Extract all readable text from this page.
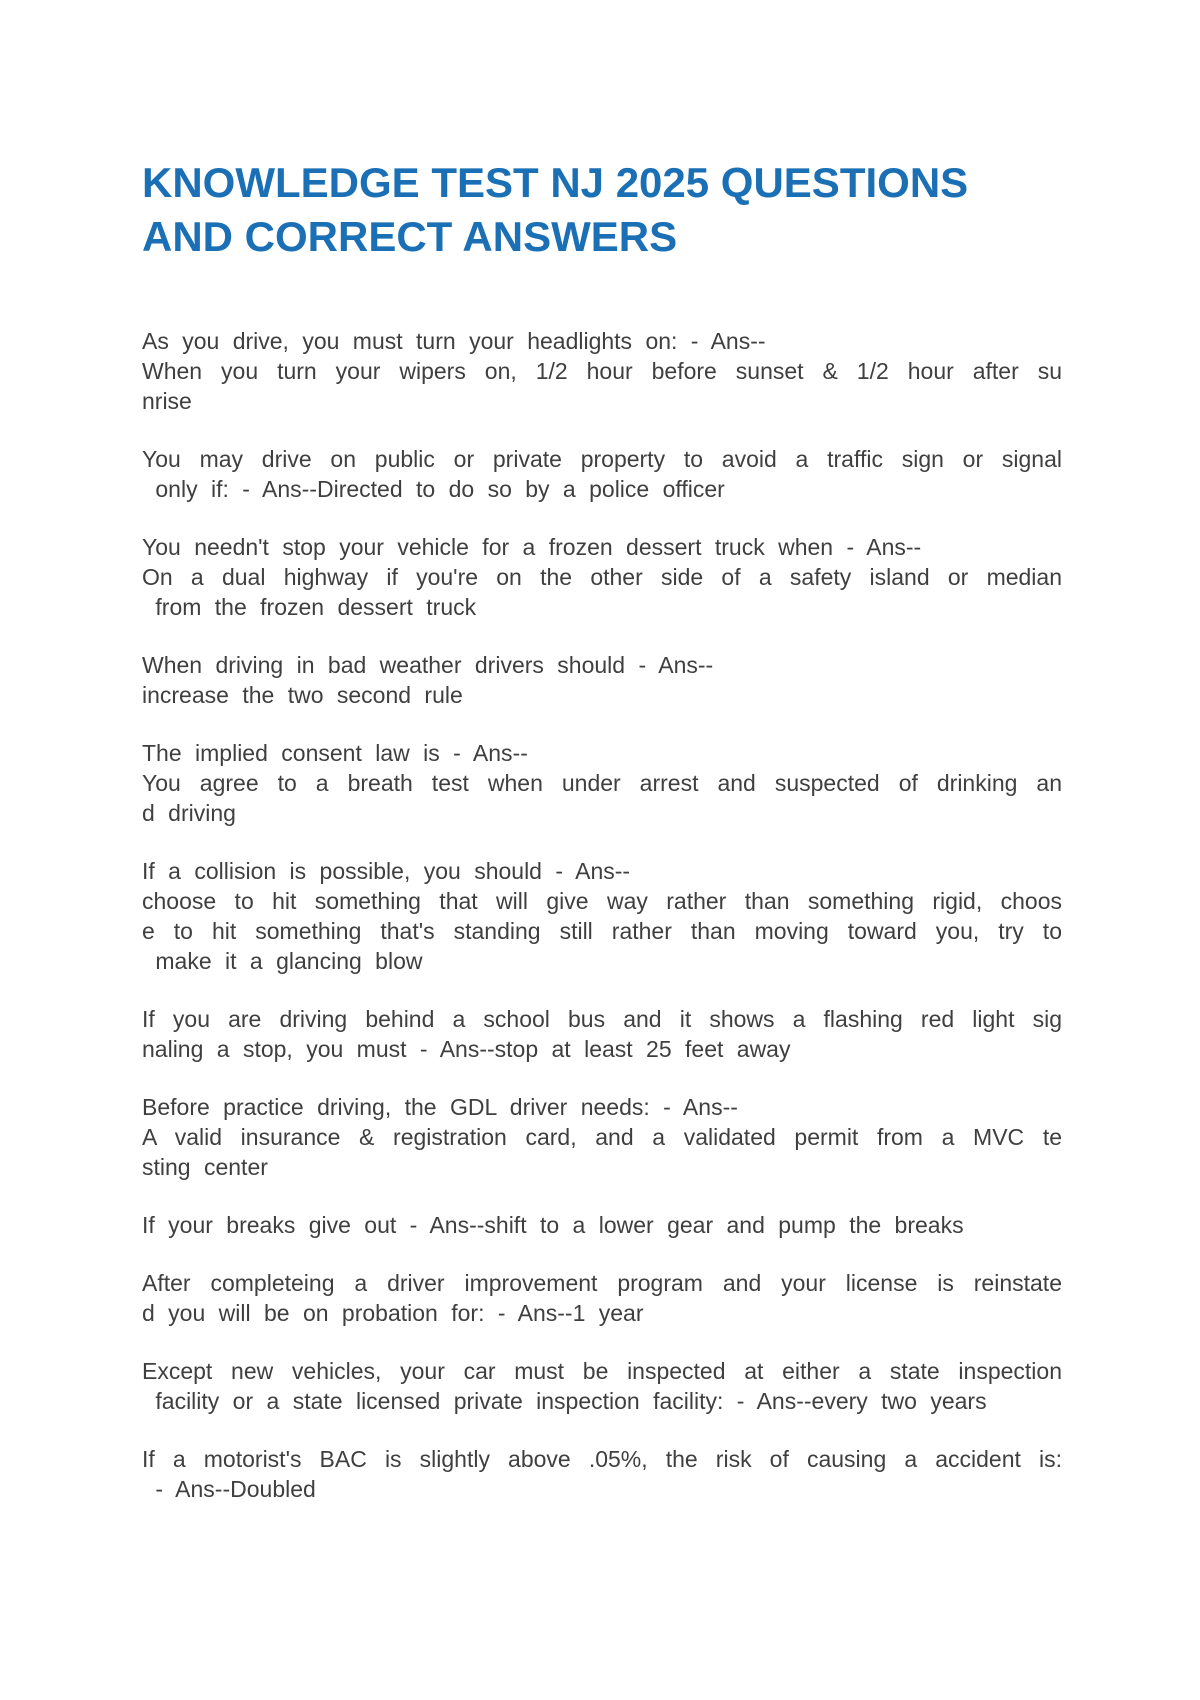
KNOWLEDGE TEST NJ 2025 QUESTIONS
AND CORRECT ANSWERS
As you drive, you must turn your headlights on: - Ans--
When you turn your wipers on, 1/2 hour before sunset & 1/2 hour after su
nrise
You may drive on public or private property to avoid a traffic sign or signal
only if: - Ans--Directed to do so by a police officer
You needn't stop your vehicle for a frozen dessert truck when - Ans--
On a dual highway if you're on the other side of a safety island or median
from the frozen dessert truck
When driving in bad weather drivers should - Ans--
increase the two second rule
The implied consent law is - Ans--
You agree to a breath test when under arrest and suspected of drinking an
d driving
If a collision is possible, you should - Ans--
choose to hit something that will give way rather than something rigid, choos
e to hit something that's standing still rather than moving toward you, try to
make it a glancing blow
If you are driving behind a school bus and it shows a flashing red light sig
naling a stop, you must - Ans--stop at least 25 feet away
Before practice driving, the GDL driver needs: - Ans--
A valid insurance & registration card, and a validated permit from a MVC te
sting center
If your breaks give out - Ans--shift to a lower gear and pump the breaks
After completeing a driver improvement program and your license is reinstate
d you will be on probation for: - Ans--1 year
Except new vehicles, your car must be inspected at either a state inspection
facility or a state licensed private inspection facility: - Ans--every two years
If a motorist's BAC is slightly above .05%, the risk of causing a accident is:
- Ans--Doubled
